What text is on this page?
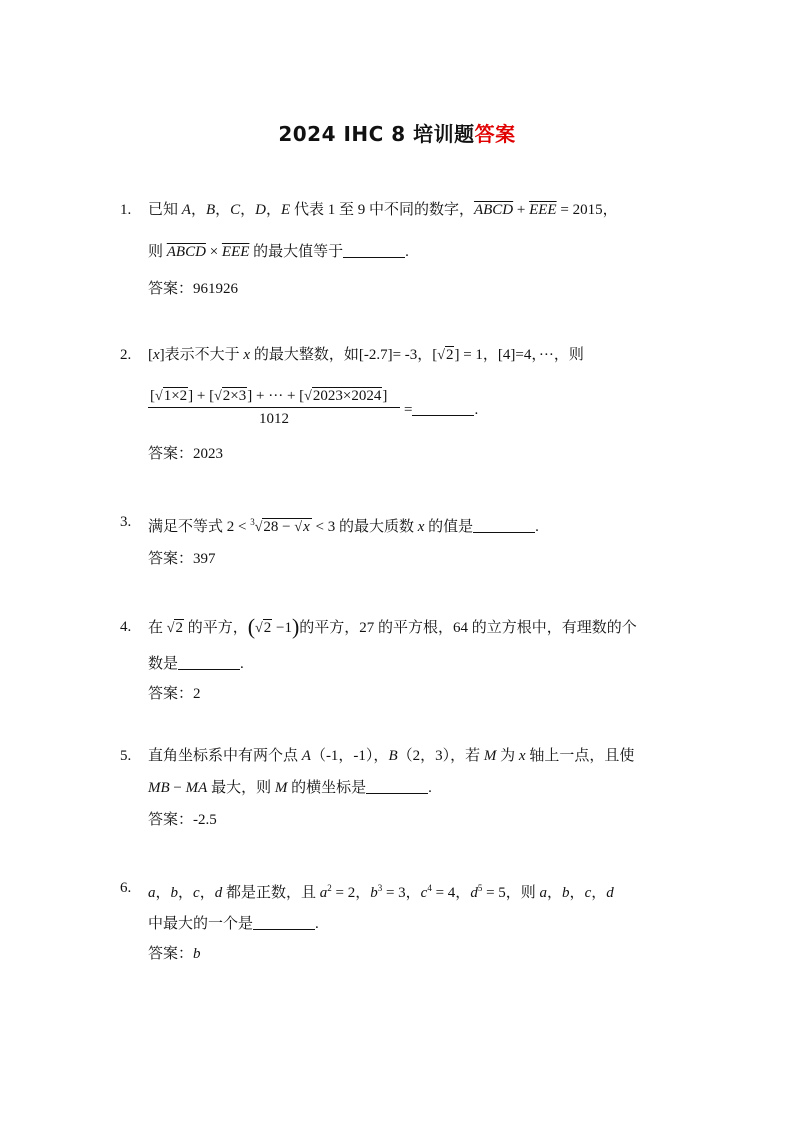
2024 IHC 8 培训题答案
1. 已知 A，B，C，D，E 代表 1 至 9 中不同的数字，ABCD + $\overline{EEE} = 2015$，
则 ABCD × $\overline{EEE}$ 的最大值等于	.
答案：961926
2. [x]表示不大于 x 的最大整数，如[-2.7]= -3，[√2] = 1，[4]=4，···，则
[√1×2] + [√2×3] + ··· + [√2023×2024]
1012
=	.
答案：2023
3. 满足不等式 2 < $^3$√28 − √x < 3 的最大质数 x 的值是	.
答案：397
4. 在 √2 的平方，(√2 −1)的平方，27 的平方根，64 的立方根中，有理数的个
数是	.
答案：2
5. 直角坐标系中有两个点 A（-1，-1），B（2，3），若 M 为 x 轴上一点，且使
MB − MA 最大，则 M 的横坐标是	.
答案：-2.5
6. a，b，c，d 都是正数，且 $a^2 = 2$，$b^3 = 3$，$c^4 = 4$，$d^5 = 5$，则 a，b，c，d
中最大的一个是	.
答案：b
